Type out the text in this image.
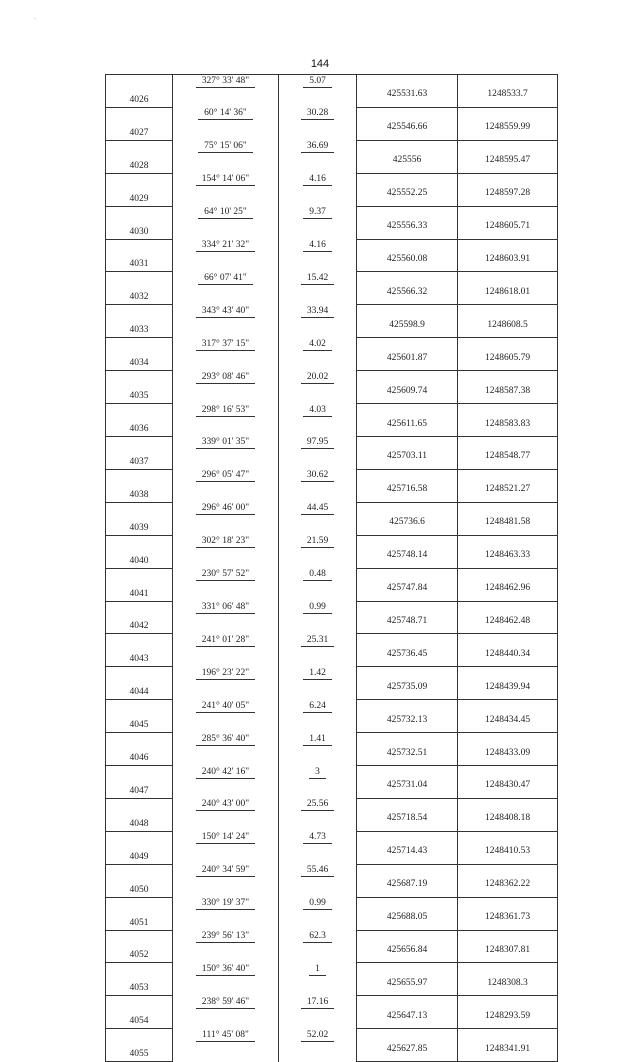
.
144
4026	327° 33' 48"	5.07	425531.63	1248533.7
4027	60° 14' 36"	30.28	425546.66	1248559.99
4028	75° 15' 06"	36.69	425556	1248595.47
4029	154° 14' 06"	4.16	425552.25	1248597.28
4030	64° 10' 25"	9.37	425556.33	1248605.71
4031	334° 21' 32"	4.16	425560.08	1248603.91
4032	66° 07' 41"	15.42	425566.32	1248618.01
4033	343° 43' 40"	33.94	425598.9	1248608.5
4034	317° 37' 15"	4.02	425601.87	1248605.79
4035	293° 08' 46"	20.02	425609.74	1248587.38
4036	298° 16' 53"	4.03	425611.65	1248583.83
4037	339° 01' 35"	97.95	425703.11	1248548.77
4038	296° 05' 47"	30.62	425716.58	1248521.27
4039	296° 46' 00"	44.45	425736.6	1248481.58
4040	302° 18' 23"	21.59	425748.14	1248463.33
4041	230° 57' 52"	0.48	425747.84	1248462.96
4042	331° 06' 48"	0.99	425748.71	1248462.48
4043	241° 01' 28"	25.31	425736.45	1248440.34
4044	196° 23' 22"	1.42	425735.09	1248439.94
4045	241° 40' 05"	6.24	425732.13	1248434.45
4046	285° 36' 40"	1.41	425732.51	1248433.09
4047	240° 42' 16"	3	425731.04	1248430.47
4048	240° 43' 00"	25.56	425718.54	1248408.18
4049	150° 14' 24"	4.73	425714.43	1248410.53
4050	240° 34' 59"	55.46	425687.19	1248362.22
4051	330° 19' 37"	0.99	425688.05	1248361.73
4052	239° 56' 13"	62.3	425656.84	1248307.81
4053	150° 36' 40"	1	425655.97	1248308.3
4054	238° 59' 46"	17.16	425647.13	1248293.59
4055	111° 45' 08"	52.02	425627.85	1248341.91
